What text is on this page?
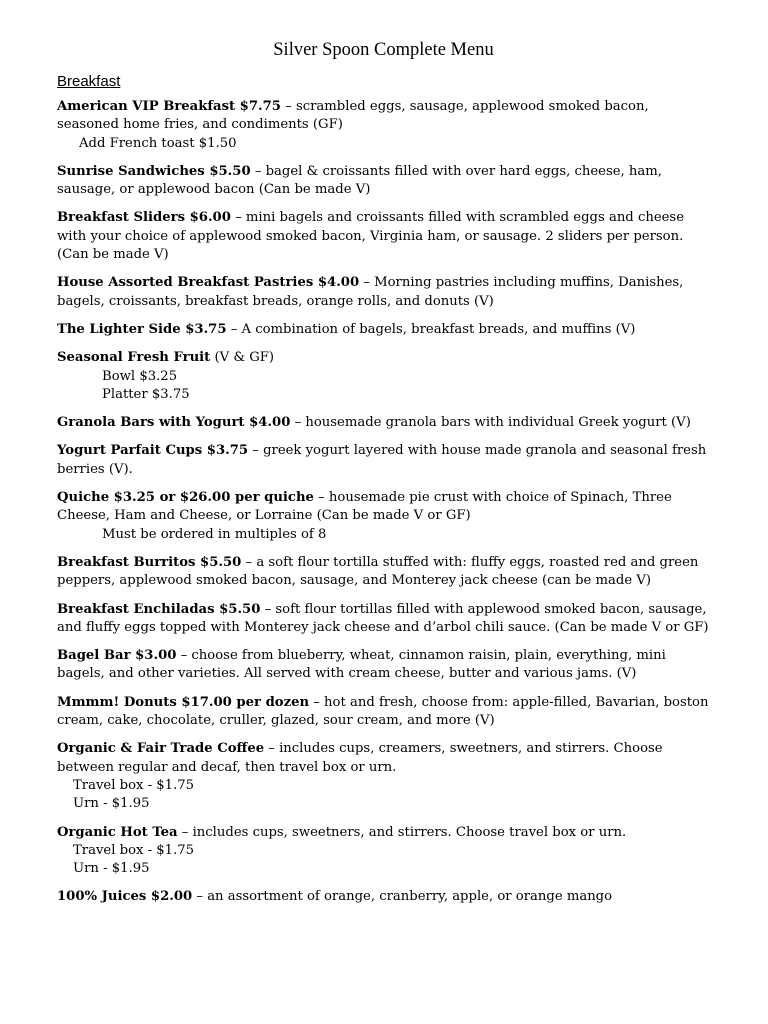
Silver Spoon Complete Menu
Breakfast
American VIP Breakfast $7.75 – scrambled eggs, sausage, applewood smoked bacon, seasoned home fries, and condiments (GF)
Add French toast $1.50
Sunrise Sandwiches $5.50 – bagel & croissants filled with over hard eggs, cheese, ham, sausage, or applewood bacon (Can be made V)
Breakfast Sliders $6.00 – mini bagels and croissants filled with scrambled eggs and cheese with your choice of applewood smoked bacon, Virginia ham, or sausage. 2 sliders per person. (Can be made V)
House Assorted Breakfast Pastries $4.00 – Morning pastries including muffins, Danishes, bagels, croissants, breakfast breads, orange rolls, and donuts (V)
The Lighter Side $3.75 – A combination of bagels, breakfast breads, and muffins (V)
Seasonal Fresh Fruit (V & GF)
Bowl $3.25
Platter $3.75
Granola Bars with Yogurt $4.00 – housemade granola bars with individual Greek yogurt (V)
Yogurt Parfait Cups $3.75 – greek yogurt layered with house made granola and seasonal fresh berries (V).
Quiche $3.25 or $26.00 per quiche – housemade pie crust with choice of Spinach, Three Cheese, Ham and Cheese, or Lorraine (Can be made V or GF)
Must be ordered in multiples of 8
Breakfast Burritos $5.50 – a soft flour tortilla stuffed with: fluffy eggs, roasted red and green peppers, applewood smoked bacon, sausage, and Monterey jack cheese (can be made V)
Breakfast Enchiladas $5.50 – soft flour tortillas filled with applewood smoked bacon, sausage, and fluffy eggs topped with Monterey jack cheese and d’arbol chili sauce. (Can be made V or GF)
Bagel Bar $3.00 – choose from blueberry, wheat, cinnamon raisin, plain, everything, mini bagels, and other varieties. All served with cream cheese, butter and various jams. (V)
Mmmm! Donuts $17.00 per dozen – hot and fresh, choose from: apple-filled, Bavarian, boston cream, cake, chocolate, cruller, glazed, sour cream, and more (V)
Organic & Fair Trade Coffee – includes cups, creamers, sweetners, and stirrers. Choose between regular and decaf, then travel box or urn.
Travel box - $1.75
Urn - $1.95
Organic Hot Tea – includes cups, sweetners, and stirrers. Choose travel box or urn.
Travel box - $1.75
Urn - $1.95
100% Juices $2.00 – an assortment of orange, cranberry, apple, or orange mango
